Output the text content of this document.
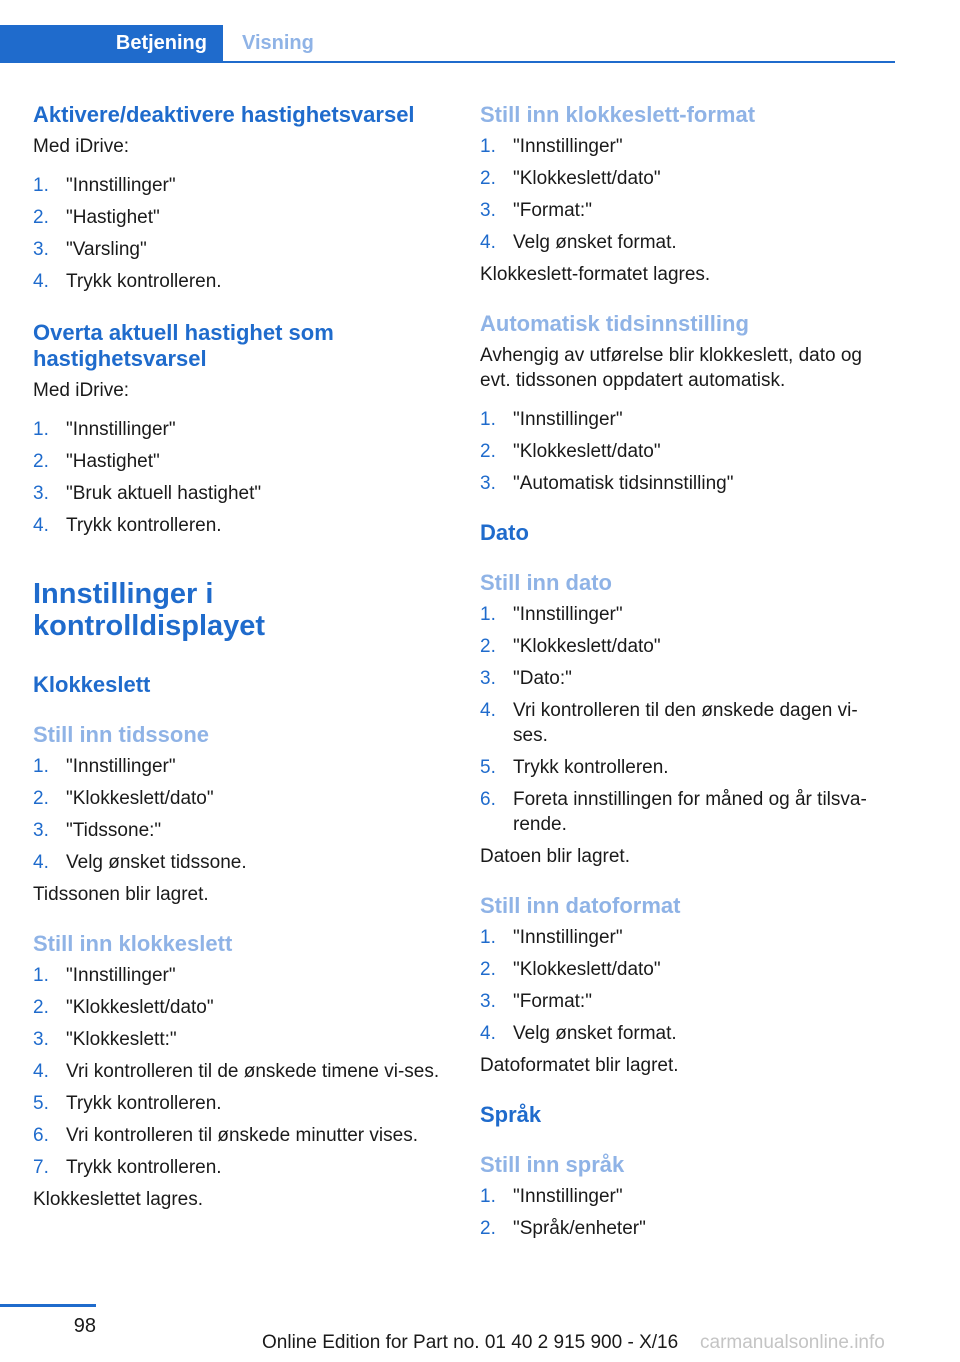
Betjening	Visning
Aktivere/deaktivere hastighetsvarsel

Med iDrive:

1. "Innstillinger"
2. "Hastighet"
3. "Varsling"
4. Trykk kontrolleren.
Overta aktuell hastighet som hastighetsvarsel

Med iDrive:

1. "Innstillinger"
2. "Hastighet"
3. "Bruk aktuell hastighet"
4. Trykk kontrolleren.
Innstillinger i kontrolldisplayet
Klokkeslett
Still inn tidssone
1. "Innstillinger"
2. "Klokkeslett/dato"
3. "Tidssone:"
4. Velg ønsket tidssone.

Tidssonen blir lagret.

Still inn klokkeslett
1. "Innstillinger"
2. "Klokkeslett/dato"
3. "Klokkeslett:"
4. Vri kontrolleren til de ønskede timene vi-ses.
5. Trykk kontrolleren.
6. Vri kontrolleren til ønskede minutter vises.
7. Trykk kontrolleren.

Klokkeslettet lagres.

Still inn klokkeslett-format
1. "Innstillinger"
2. "Klokkeslett/dato"
3. "Format:"
4. Velg ønsket format.

Klokkeslett-formatet lagres.

Automatisk tidsinnstilling

Avhengig av utførelse blir klokkeslett, dato og evt. tidssonen oppdatert automatisk.

1. "Innstillinger"
2. "Klokkeslett/dato"
3. "Automatisk tidsinnstilling"
Dato
Still inn dato
1. "Innstillinger"
2. "Klokkeslett/dato"
3. "Dato:"
4. Vri kontrolleren til den ønskede dagen vi-ses.
5. Trykk kontrolleren.
6. Foreta innstillingen for måned og år tilsva-rende.

Datoen blir lagret.

Still inn datoformat
1. "Innstillinger"
2. "Klokkeslett/dato"
3. "Format:"
4. Velg ønsket format.

Datoformatet blir lagret.

Språk
Still inn språk
1. "Innstillinger"
2. "Språk/enheter"
98
Online Edition for Part no. 01 40 2 915 900 - X/16 carmanualsonline.info
